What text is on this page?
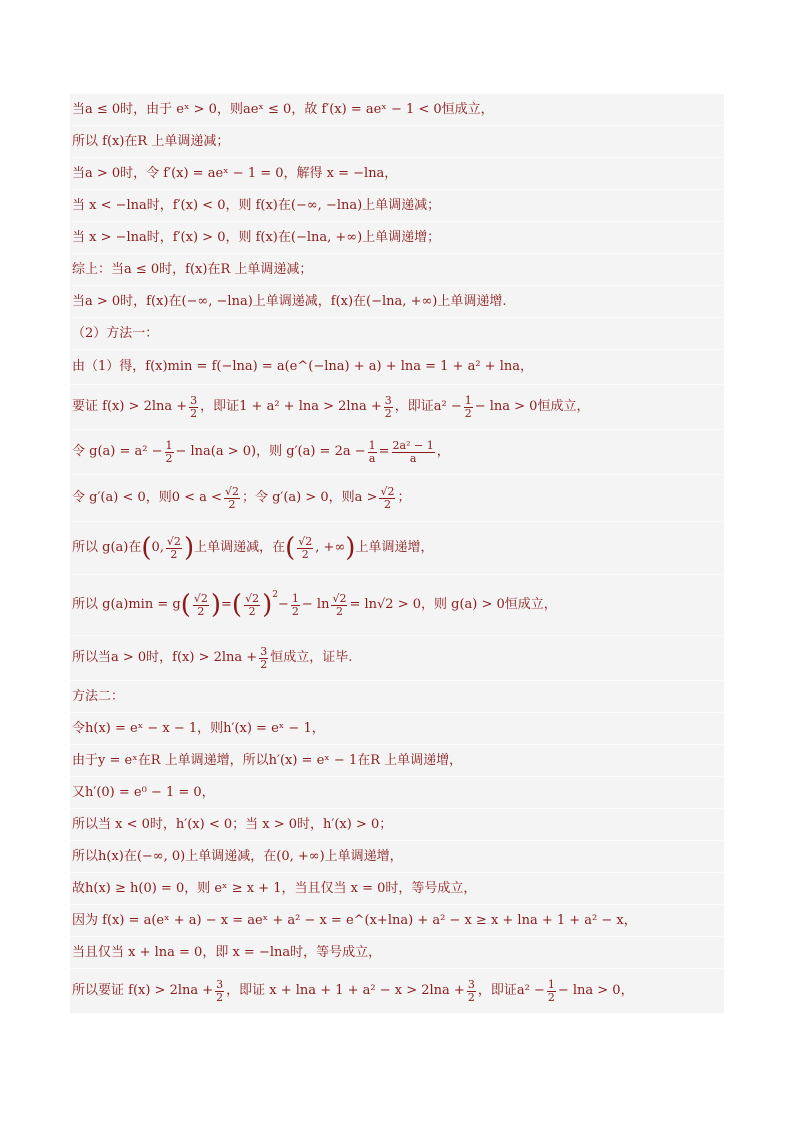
当a ≤ 0时，由于 eˣ > 0，则aeˣ ≤ 0，故 f′(x) = aeˣ − 1 < 0恒成立，
所以 f(x)在R 上单调递减；
当a > 0时，令 f′(x) = aeˣ − 1 = 0，解得 x = −lna，
当 x < −lna时，f′(x) < 0，则 f(x)在(−∞, −lna)上单调递减；
当 x > −lna时，f′(x) > 0，则 f(x)在(−lna, +∞)上单调递增；
综上：当a ≤ 0时，f(x)在R 上单调递减；
当a > 0时，f(x)在(−∞, −lna)上单调递减，f(x)在(−lna, +∞)上单调递增.
（2）方法一：
由（1）得，f(x)min = f(−lna) = a(e^(−lna) + a) + lna = 1 + a² + lna，
要证 $f(x) > 2\ln a + \frac{3}{2}$ ，即证$1 + a^2 + \ln a > 2\ln a + \frac{3}{2}$ ，即证$a^2 - \frac{1}{2} - \ln a > 0$恒成立，
令 $g(a) = a^2 - \frac{1}{2} - \ln a(a > 0)$，则 $g'(a) = 2a - \frac{1}{a} = \frac{\text{2a² − 1}}{a}$ ，
令 g′(a) < 0，则$0 < a < \frac{√2}{2}$ ；令 g′(a) > 0，则$a > \frac{√2}{2}$ ；
所以 g(a)在 ( 0, $\frac{√2}{2}$ ) 上单调递减，在 ( $\frac{√2}{2}$ , +∞ ) 上单调递增，
所以 g(a)min = g ( $\frac{√2}{2}$ ) = ( $\frac{√2}{2} )^2$
− $\frac{1}{2} - \ln \frac{√2}{2} = \ln√2 > 0$，则 g(a) > 0恒成立，
所以当a > 0时，$f(x) > 2\ln a + \frac{3}{2}$ 恒成立，证毕.
方法二：
令h(x) = eˣ − x − 1，则h′(x) = eˣ − 1，
由于y = eˣ在R 上单调递增，所以h′(x) = eˣ − 1在R 上单调递增，
又h′(0) = e⁰ − 1 = 0，
所以当 x < 0时，h′(x) < 0；当 x > 0时，h′(x) > 0；
所以h(x)在(−∞, 0)上单调递减，在(0, +∞)上单调递增，
故h(x) ≥ h(0) = 0，则 eˣ ≥ x + 1，当且仅当 x = 0时，等号成立，
因为 f(x) = a(eˣ + a) − x = aeˣ + a² − x = e^(x+lna) + a² − x ≥ x + lna + 1 + a² − x，
当且仅当 x + lna = 0，即 x = −lna时，等号成立，
所以要证 $f(x) > 2\ln a + \frac{3}{2}$ ，即证 $x + \ln a + 1 + a^2 - x > 2\ln a + \frac{3}{2}$ ，即证$a^2 - \frac{1}{2} - \ln a > 0$，
